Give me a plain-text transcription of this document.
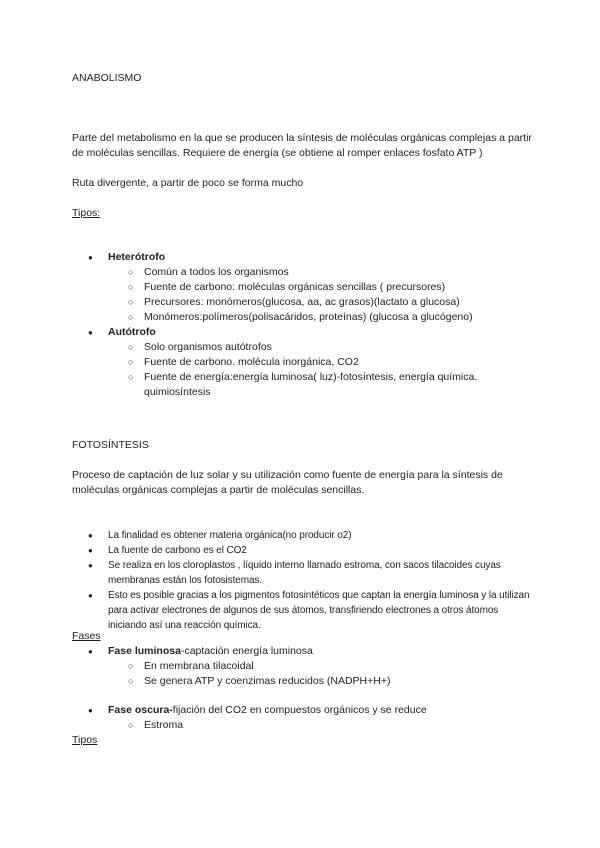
ANABOLISMO
Parte del metabolismo en la que se producen la síntesis de moléculas orgánicas complejas a partir de moléculas sencillas. Requiere de energía (se obtiene al romper enlaces fosfato ATP )
Ruta divergente, a partir de poco se forma mucho
Tipos:
● Heterótrofo
○ Común a todos los organismos
○ Fuente de carbono: moléculas orgánicas sencillas ( precursores)
○ Precursores: monómeros(glucosa, aa, ac grasos)(lactato a glucosa)
○ Monómeros:polímeros(polisacáridos, proteínas) (glucosa a glucógeno)
● Autótrofo
○ Solo organismos autótrofos
○ Fuente de carbono. molécula inorgánica, CO2
○ Fuente de energía:energía luminosa( luz)-fotosíntesis, energía química. quimiosíntesis
FOTOSÍNTESIS
Proceso de captación de luz solar y su utilización como fuente de energía para la síntesis de moléculas orgánicas complejas a partir de moléculas sencillas.
● La finalidad es obtener materia orgánica(no producir o2)
● La fuente de carbono es el CO2
● Se realiza en los cloroplastos , líquido interno llamado estroma, con sacos tilacoides cuyas membranas están los fotosistemas.
● Esto es posible gracias a los pigmentos fotosintéticos que captan la energía luminosa y la utilizan para activar electrones de algunos de sus átomos, transfiriendo electrones a otros átomos iniciando así una reacción química.
Fases
● Fase luminosa-captación energía luminosa
○ En membrana tilacoidal
○ Se genera ATP y coenzimas reducidos (NADPH+H+)
● Fase oscura-fijación del CO2 en compuestos orgánicos y se reduce
○ Estroma
Tipos
